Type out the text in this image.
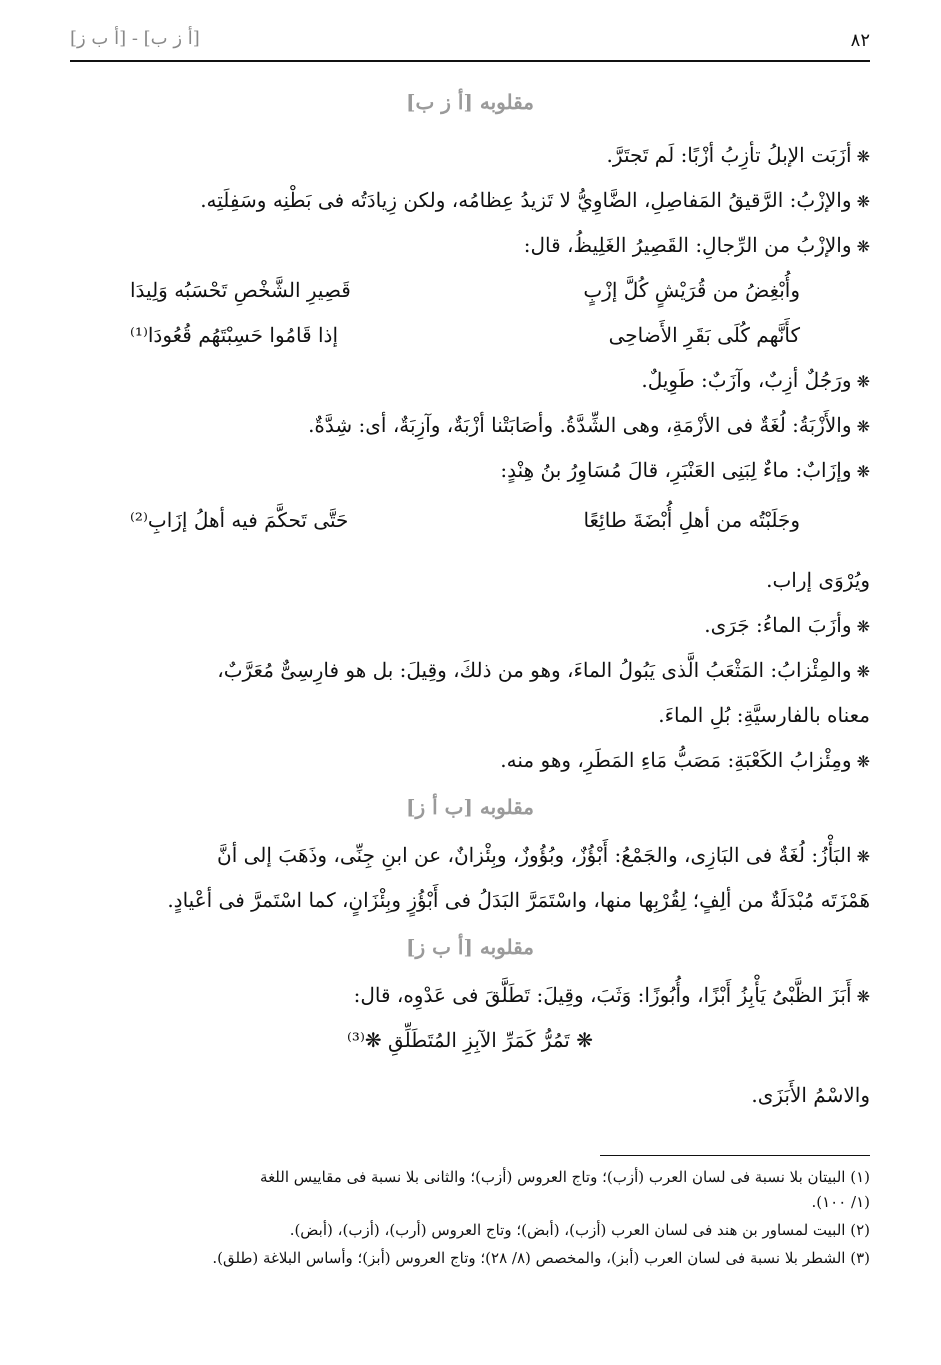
٨٢
[أ ز ب] - [أ ب ز]
مقلوبه [أ ز ب]
❋ أزَبَت الإبلُ تأزِبُ أزْبًا: لَم تَجتَرَّ.
❋ والإزْبُ: الرَّقيقُ المَفاصِلِ، الضَّاوِيُّ لا تَزيدُ عِظامُه، ولكن زِيادَتُه فى بَطْنِه وسَفِلَتِه.
❋ والإزْبُ من الرِّجالِ: القَصِيرُ الغَلِيظُ، قال:
وأُبْغِضُ من قُرَيْشٍ كُلَّ إزْبٍ
قَصِيرِ الشَّخْصِ تَحْسَبُه وَلِيدَا
كأَنَّهم كُلَى بَقَرِ الأَضاحِى
إذا قَامُوا حَسِبْتَهُم قُعُودَا⁽¹⁾
❋ ورَجُلٌ أزِبٌ، وآزَبٌ: طَوِيلٌ.
❋ والأَزْبَةُ: لُغَةٌ فى الأزْمَةِ، وهى الشِّدَّةُ. وأصَابَتْنا أزْبَةٌ، وآزِبَةٌ، أى: شِدَّةٌ.
❋ وإزَابٌ: ماءٌ لِبَنِى العَنْبَرِ، قالَ مُسَاوِرُ بنُ هِنْدٍ:
وجَلَبْتُه من أهلِ أُبْضَةَ طائِعًا
حَتَّى تَحكَّمَ فيه أهلُ إزَابِ⁽²⁾
ويُرْوَى إراب.
❋ وأزَبَ الماءُ: جَرَى.
❋ والمِئْزابُ: المَثْعَبُ الَّذى يَبُولُ الماءَ، وهو من ذلكَ، وقِيلَ: بل هو فارِسِىٌّ مُعَرَّبٌ،
معناه بالفارسيَّةِ: بُلِ الماءَ.
❋ ومِئْزابُ الكَعْبَةِ: مَصَبُّ مَاءِ المَطَرِ، وهو منه.
مقلوبه [ب أ ز]
❋ البَأْزُ: لُغَةٌ فى البَازِى، والجَمْعُ: أَبْؤُزٌ، وبُؤُوزٌ، وبِئْزانٌ، عن ابنِ جِنِّى، وذَهَبَ إلى أنَّ
هَمْزَتَه مُبْدَلَةٌ من ألِفٍ؛ لِقُرْبِها منها، واسْتَمَرَّ البَدَلُ فى أَبْؤُزٍ وبِئْزَانٍ، كما اسْتَمرَّ فى أعْيادٍ.
مقلوبه [أ ب ز]
❋ أَبَزَ الظَّبْىُ يَأْبِزُ أَبْزًا، وأُبُوزًا: وَثَبَ، وقِيلَ: تَطَلَّقَ فى عَدْوِه، قال:
❋ تَمُرُّ كَمَرِّ الآبِزِ المُتَطَلِّقِ ❋⁽³⁾
والاسْمُ الأَبَزَى.
(١) البيتان بلا نسبة فى لسان العرب (أزب)؛ وتاج العروس (أزب)؛ والثانى بلا نسبة فى مقاييس اللغة
(١/ ١٠٠).
(٢) البيت لمساور بن هند فى لسان العرب (أزب)، (أبض)؛ وتاج العروس (أرب)، (أزب)، (أبض).
(٣) الشطر بلا نسبة فى لسان العرب (أبز)، والمخصص (٨/ ٢٨)؛ وتاج العروس (أبز)؛ وأساس البلاغة (طلق).
